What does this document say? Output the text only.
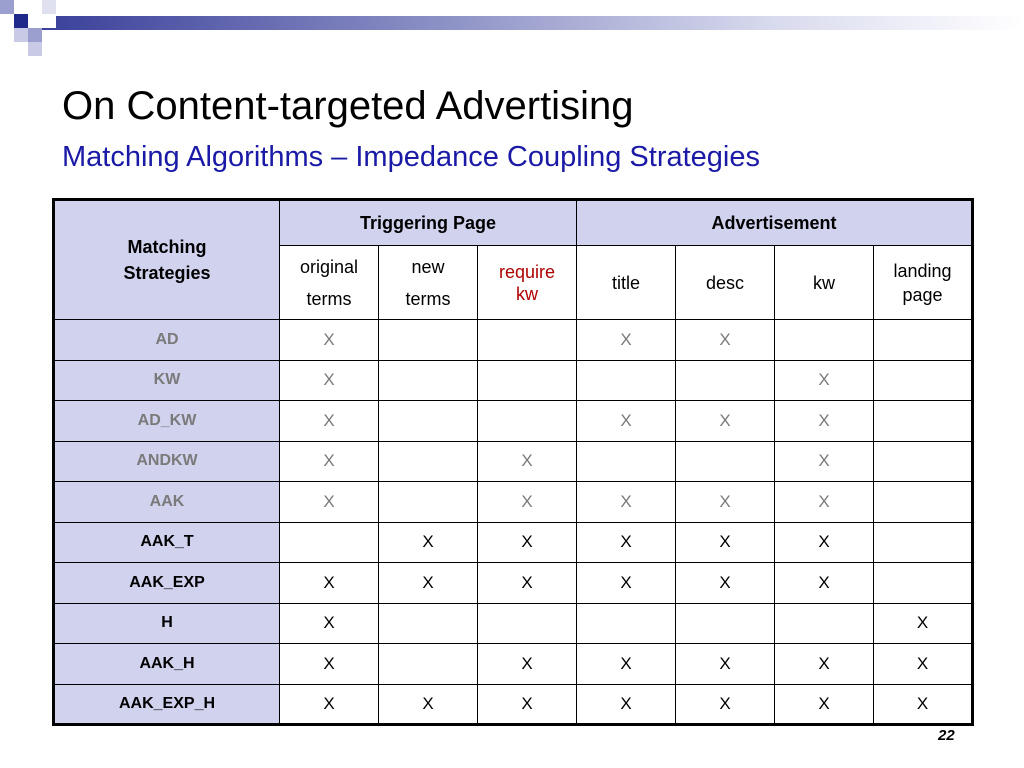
On Content-targeted Advertising
Matching Algorithms – Impedance Coupling Strategies
Matching Strategies	Triggering Page			Advertisement			
	original terms	new terms	require kw	title	desc	kw	landing page
AD	X			X	X		
KW	X					X	
AD_KW	X			X	X	X	
ANDKW	X		X			X	
AAK	X		X	X	X	X	
AAK_T		X	X	X	X	X	
AAK_EXP	X	X	X	X	X	X	
H	X						X
AAK_H	X		X	X	X	X	X
AAK_EXP_H	X	X	X	X	X	X	X
22
